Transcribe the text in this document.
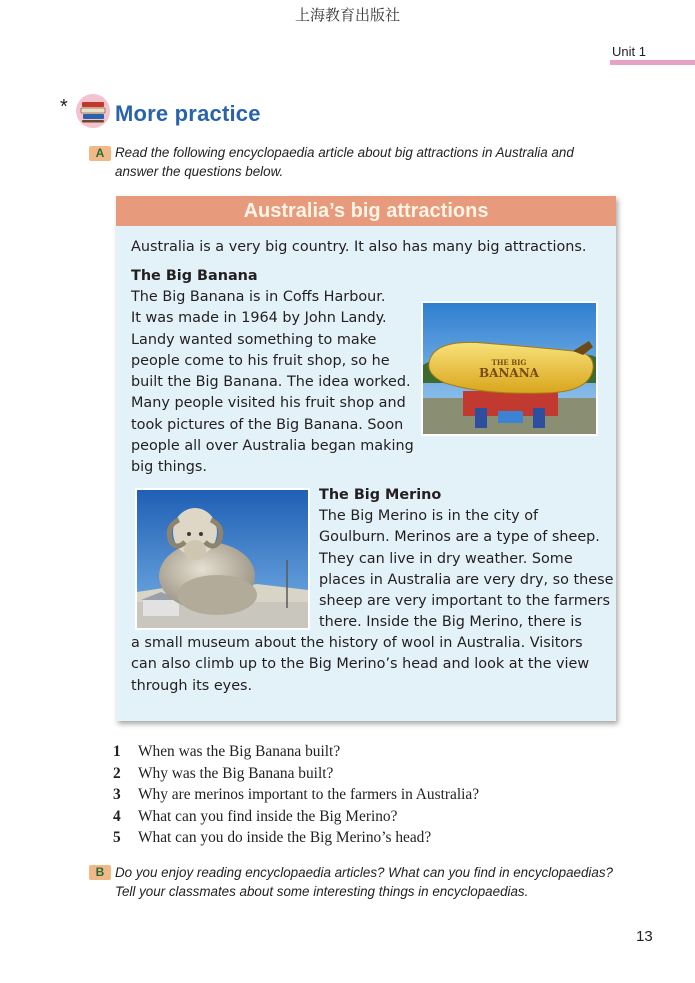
上海教育出版社
Unit 1
* More practice
A Read the following encyclopaedia article about big attractions in Australia and
answer the questions below.
Australia’s big attractions
Australia is a very big country. It also has many big attractions.
The Big Banana
The Big Banana is in Coffs Harbour.
It was made in 1964 by John Landy.
Landy wanted something to make
people come to his fruit shop, so he
built the Big Banana. The idea worked.
Many people visited his fruit shop and
took pictures of the Big Banana. Soon
people all over Australia began making
big things.
THE BIG
BANANA
The Big Merino
The Big Merino is in the city of
Goulburn. Merinos are a type of sheep.
They can live in dry weather. Some
places in Australia are very dry, so these
sheep are very important to the farmers
there. Inside the Big Merino, there is
a small museum about the history of wool in Australia. Visitors
can also climb up to the Big Merino’s head and look at the view
through its eyes.
1 When was the Big Banana built?
2 Why was the Big Banana built?
3 Why are merinos important to the farmers in Australia?
4 What can you find inside the Big Merino?
5 What can you do inside the Big Merino’s head?
B Do you enjoy reading encyclopaedia articles? What can you find in encyclopaedias?
Tell your classmates about some interesting things in encyclopaedias.
13
